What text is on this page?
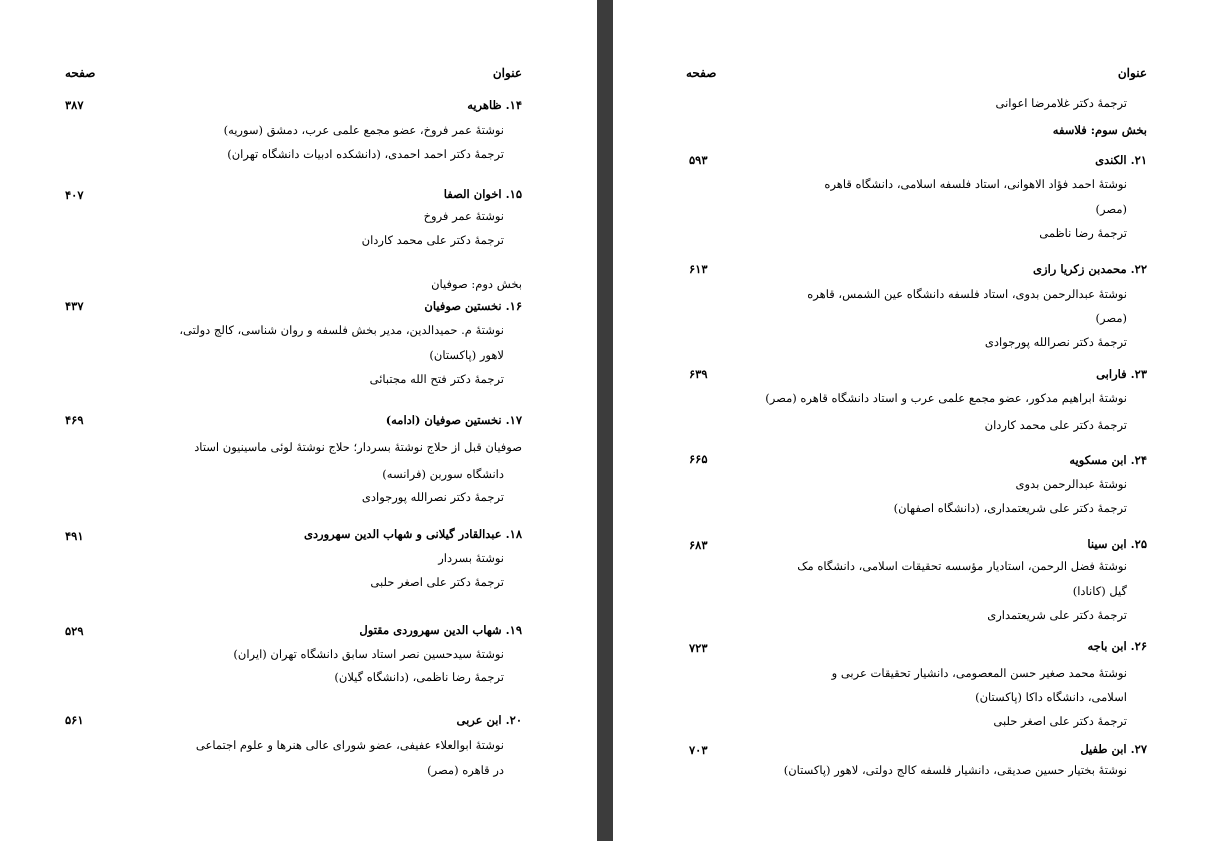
عنوان
صفحه
۱۴. ظاهریه
۳۸۷
نوشتهٔ عمر فروخ، عضو مجمع علمی عرب، دمشق (سوریه)
ترجمهٔ دکتر احمد احمدی، (دانشکده ادبیات دانشگاه تهران)
۱۵. اخوان الصفا
۴۰۷
نوشتهٔ عمر فروخ
ترجمهٔ دکتر علی محمد کاردان
بخش دوم: صوفیان
۱۶. نخستین صوفیان
۴۳۷
نوشتهٔ م. حمیدالدین، مدیر بخش فلسفه و روان شناسی، کالج دولتی،
لاهور (پاکستان)
ترجمهٔ دکتر فتح الله مجتبائی
۱۷. نخستین صوفیان (ادامه)
۴۶۹
صوفیان قبل از حلاج نوشتهٔ بسردار؛ حلاج نوشتهٔ لوئی ماسینیون استاد
دانشگاه سوربن (فرانسه)
ترجمهٔ دکتر نصرالله پورجوادی
۱۸. عبدالقادر گیلانی و شهاب الدین سهروردی
۴۹۱
نوشتهٔ بسردار
ترجمهٔ دکتر علی اصغر حلبی
۱۹. شهاب الدین سهروردی مقتول
۵۲۹
نوشتهٔ سیدحسین نصر استاد سابق دانشگاه تهران (ایران)
ترجمهٔ رضا ناظمی، (دانشگاه گیلان)
۲۰. ابن عربی
۵۶۱
نوشتهٔ ابوالعلاء عفیفی، عضو شورای عالی هنرها و علوم اجتماعی
در قاهره (مصر)
عنوان
صفحه
ترجمهٔ دکتر غلامرضا اعوانی
بخش سوم: فلاسفه
۲۱. الکندی
۵۹۳
نوشتهٔ احمد فؤاد الاهوانی، استاد فلسفه اسلامی، دانشگاه قاهره
(مصر)
ترجمهٔ رضا ناظمی
۲۲. محمدبن زکریا رازی
۶۱۳
نوشتهٔ عبدالرحمن بدوی، استاد فلسفه دانشگاه عین الشمس، قاهره
(مصر)
ترجمهٔ دکتر نصرالله پورجوادی
۲۳. فارابی
۶۳۹
نوشتهٔ ابراهیم مدکور، عضو مجمع علمی عرب و استاد دانشگاه قاهره (مصر)
ترجمهٔ دکتر علی محمد کاردان
۲۴. ابن مسکویه
۶۶۵
نوشتهٔ عبدالرحمن بدوی
ترجمهٔ دکتر علی شریعتمداری، (دانشگاه اصفهان)
۲۵. ابن سینا
۶۸۳
نوشتهٔ فضل الرحمن، استادیار مؤسسه تحقیقات اسلامی، دانشگاه مک
گیل (کانادا)
ترجمهٔ دکتر علی شریعتمداری
۲۶. ابن باجه
۷۲۳
نوشتهٔ محمد صغیر حسن المعصومی، دانشیار تحقیقات عربی و
اسلامی، دانشگاه داکا (پاکستان)
ترجمهٔ دکتر علی اصغر حلبی
۲۷. ابن طفیل
۷۰۳
نوشتهٔ بختیار حسین صدیقی، دانشیار فلسفه کالج دولتی، لاهور (پاکستان)
